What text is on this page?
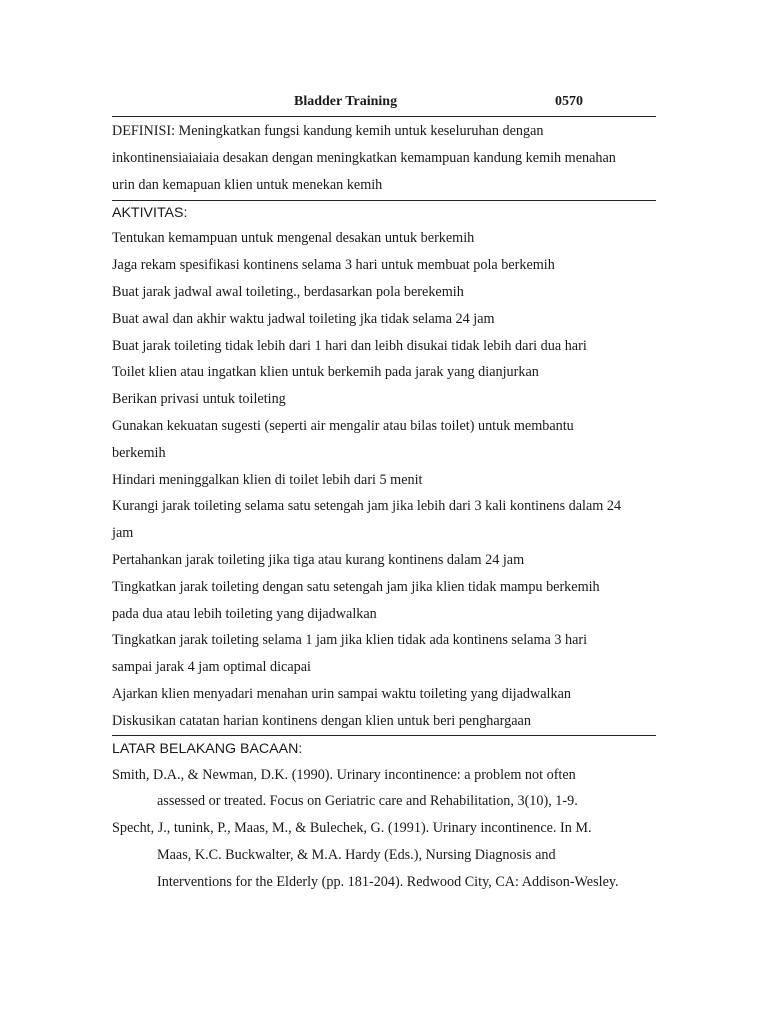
Bladder Training	0570

DEFINISI: Meningkatkan fungsi kandung kemih untuk keseluruhan dengan

inkontinensiaiaiaia desakan dengan meningkatkan kemampuan kandung kemih menahan

urin dan kemapuan klien untuk menekan kemih

AKTIVITAS:

Tentukan kemampuan untuk mengenal desakan untuk berkemih

Jaga rekam spesifikasi kontinens selama 3 hari untuk membuat pola berkemih

Buat jarak jadwal awal toileting., berdasarkan pola berekemih

Buat awal dan akhir waktu jadwal toileting jka tidak selama 24 jam

Buat jarak toileting tidak lebih dari 1 hari dan leibh disukai tidak lebih dari dua hari

Toilet klien atau ingatkan klien untuk berkemih pada jarak yang dianjurkan

Berikan privasi untuk toileting

Gunakan kekuatan sugesti (seperti air mengalir atau bilas toilet) untuk membantu

berkemih

Hindari meninggalkan klien di toilet lebih dari 5 menit

Kurangi jarak toileting selama satu setengah jam jika lebih dari 3 kali kontinens dalam 24

jam

Pertahankan jarak toileting jika tiga atau kurang kontinens dalam 24 jam

Tingkatkan jarak toileting dengan satu setengah jam jika klien tidak mampu berkemih

pada dua atau lebih toileting yang dijadwalkan

Tingkatkan jarak toileting selama 1 jam jika klien tidak ada kontinens selama 3 hari

sampai jarak 4 jam optimal dicapai

Ajarkan klien menyadari menahan urin sampai waktu toileting yang dijadwalkan

Diskusikan catatan harian kontinens dengan klien untuk beri penghargaan

LATAR BELAKANG BACAAN:

Smith, D.A., & Newman, D.K. (1990). Urinary incontinence: a problem not often

assessed or treated. Focus on Geriatric care and Rehabilitation, 3(10), 1-9.

Specht, J., tunink, P., Maas, M., & Bulechek, G. (1991). Urinary incontinence. In M.

Maas, K.C. Buckwalter, & M.A. Hardy (Eds.), Nursing Diagnosis and

Interventions for the Elderly (pp. 181-204). Redwood City, CA: Addison-Wesley.
